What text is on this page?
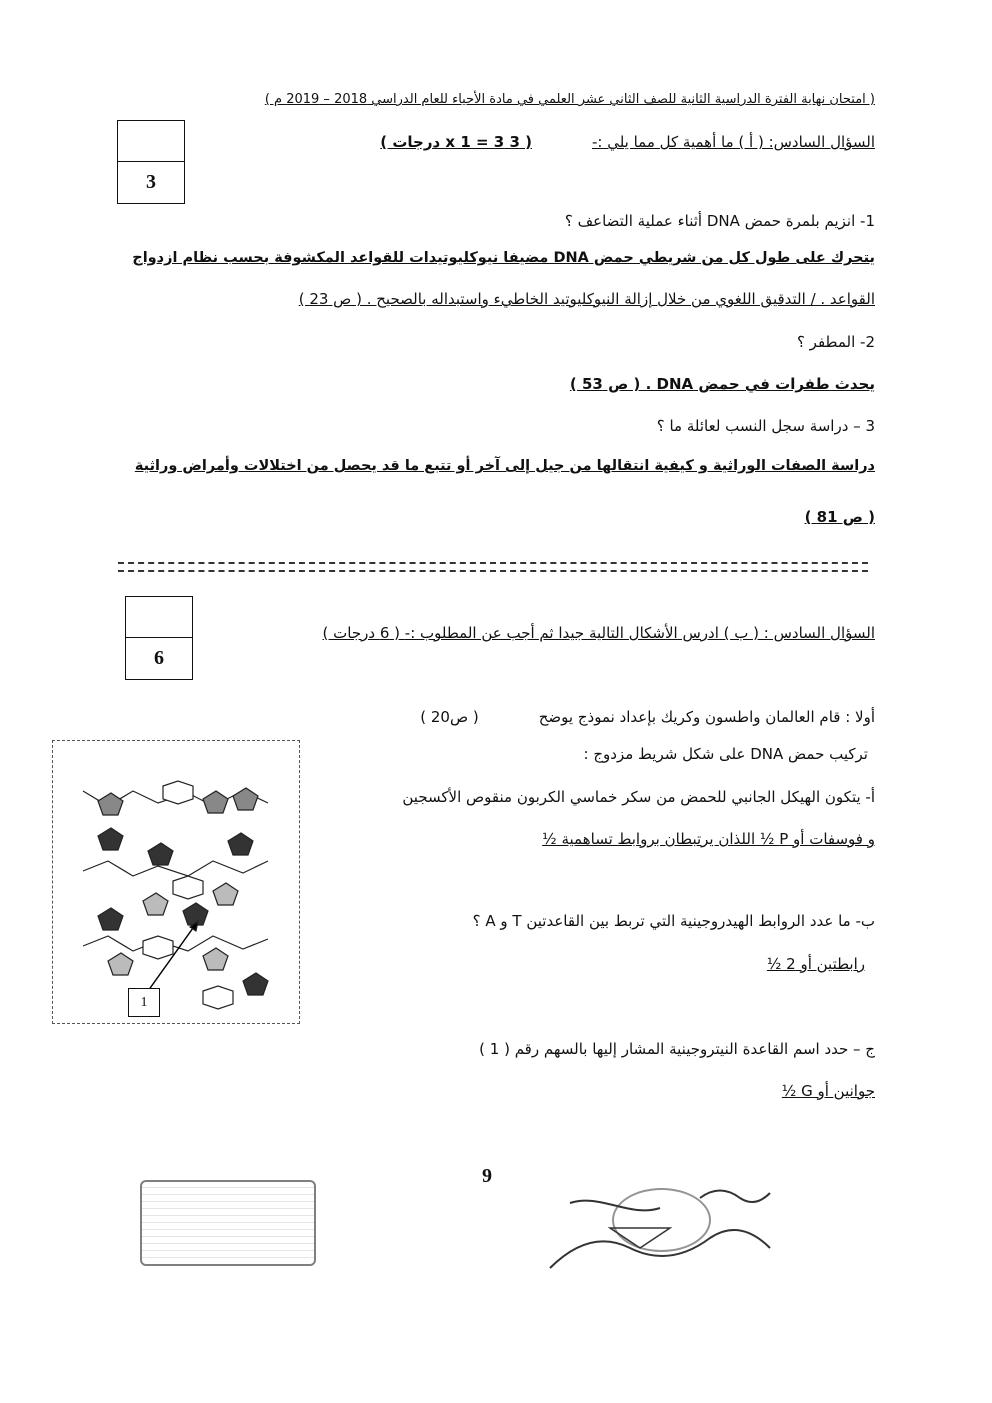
( امتحان نهاية الفترة الدراسية الثانية للصف الثاني عشر العلمي في مادة الأحياء للعام الدراسي 2018 – 2019 م )
3
السؤال السادس: ( أ ) ما أهمية كل مما يلي :-( 3 x 1 = 3 درجات )
1- انزيم بلمرة حمض DNA أثناء عملية التضاعف ؟
يتحرك على طول كل من شريطي حمض DNA مضيفا نيوكليوتيدات للقواعد المكشوفة بحسب نظام ازدواج
القواعد . / التدقيق اللغوي من خلال إزالة النيوكليوتيد الخاطيء واستبداله بالصحيح . ( ص 23 )
2- المطفر ؟
يحدث طفرات في حمض DNA . ( ص 53 )
3 – دراسة سجل النسب لعائلة ما ؟
دراسة الصفات الوراثية و كيفية انتقالها من جيل إلى آخر أو تتبع ما قد يحصل من اختلالات وأمراض وراثية
( ص 81 )
6
السؤال السادس : ( ب ) ادرس الأشكال التالية جيدا ثم أجب عن المطلوب :- ( 6 درجات )
أولا : قام العالمان واطسون وكريك بإعداد نموذج يوضح( ص20 )
تركيب حمض DNA على شكل شريط مزدوج :
أ- يتكون الهيكل الجانبي للحمض من سكر خماسي الكربون منقوص الأكسجين
و فوسفات أو P ½ اللذان يرتبطان بروابط تساهمية ½
ب- ما عدد الروابط الهيدروجينية التي تربط بين القاعدتين T و A ؟
رابطتين أو 2 ½
ج – حدد اسم القاعدة النيتروجينية المشار إليها بالسهم رقم ( 1 )
جوانين أو G ½
1
9
